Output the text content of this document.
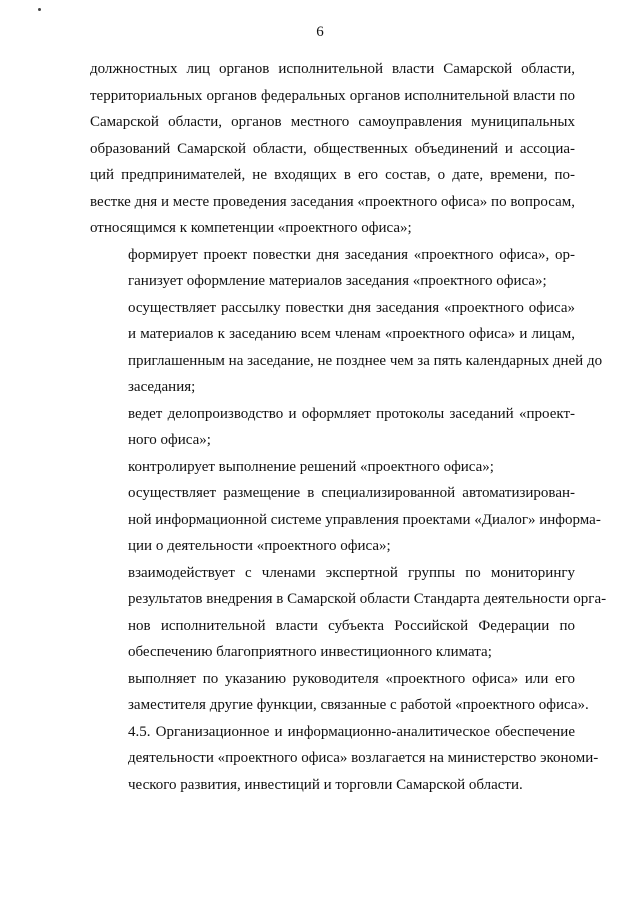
6

должностных лиц органов исполнительной власти Самарской области,
территориальных органов федеральных органов исполнительной власти по
Самарской области, органов местного самоуправления муниципальных
образований Самарской области, общественных объединений и ассоциа-
ций предпринимателей, не входящих в его состав, о дате, времени, по-
вестке дня и месте проведения заседания «проектного офиса» по вопросам,
относящимся к компетенции «проектного офиса»;

формирует проект повестки дня заседания «проектного офиса», ор-
ганизует оформление материалов заседания «проектного офиса»;

осуществляет рассылку повестки дня заседания «проектного офиса»
и материалов к заседанию всем членам «проектного офиса» и лицам,
приглашенным на заседание, не позднее чем за пять календарных дней до
заседания;

ведет делопроизводство и оформляет протоколы заседаний «проект-
ного офиса»;

контролирует выполнение решений «проектного офиса»;

осуществляет размещение в специализированной автоматизирован-
ной информационной системе управления проектами «Диалог» информа-
ции о деятельности «проектного офиса»;

взаимодействует с членами экспертной группы по мониторингу
результатов внедрения в Самарской области Стандарта деятельности орга-
нов исполнительной власти субъекта Российской Федерации по
обеспечению благоприятного инвестиционного климата;

выполняет по указанию руководителя «проектного офиса» или его
заместителя другие функции, связанные с работой «проектного офиса».

4.5. Организационное и информационно-аналитическое обеспечение
деятельности «проектного офиса» возлагается на министерство экономи-
ческого развития, инвестиций и торговли Самарской области.
